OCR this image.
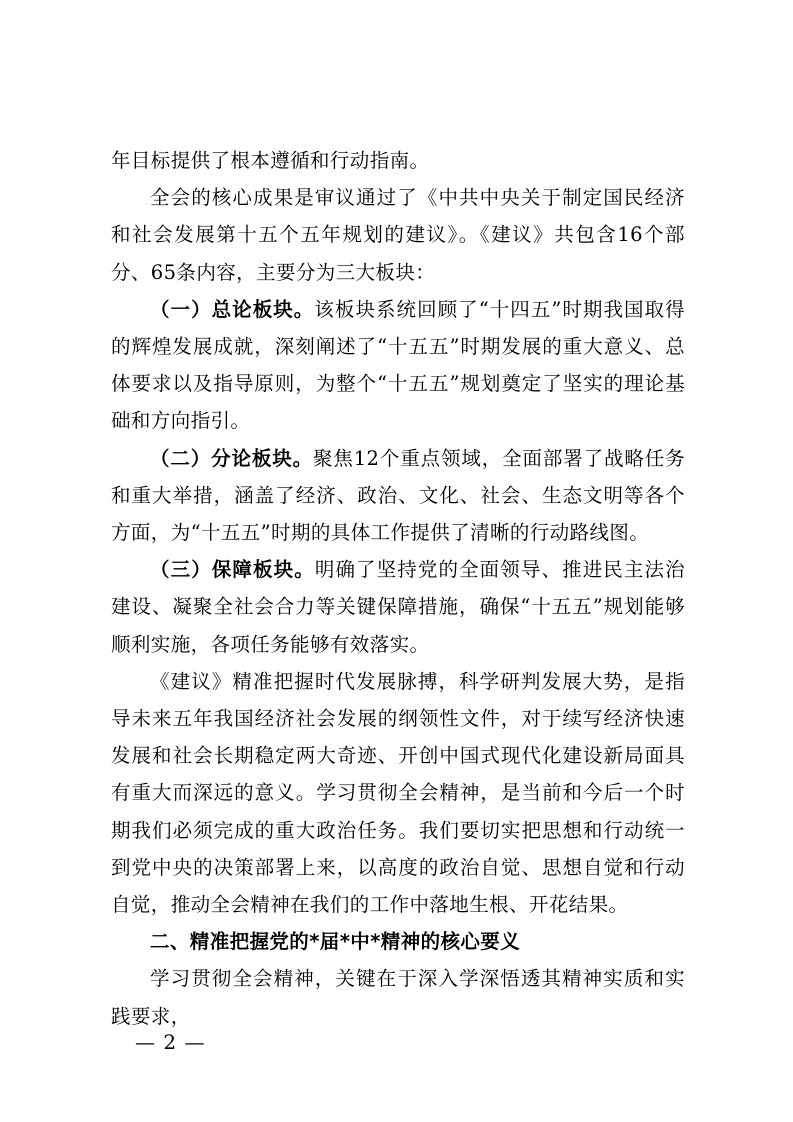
年目标提供了根本遵循和行动指南。

全会的核心成果是审议通过了《中共中央关于制定国民经济和社会发展第十五个五年规划的建议》。《建议》共包含16个部分、65条内容，主要分为三大板块：

（一）总论板块。该板块系统回顾了“十四五”时期我国取得的辉煌发展成就，深刻阐述了“十五五”时期发展的重大意义、总体要求以及指导原则，为整个“十五五”规划奠定了坚实的理论基础和方向指引。

（二）分论板块。聚焦12个重点领域，全面部署了战略任务和重大举措，涵盖了经济、政治、文化、社会、生态文明等各个方面，为“十五五”时期的具体工作提供了清晰的行动路线图。

（三）保障板块。明确了坚持党的全面领导、推进民主法治建设、凝聚全社会合力等关键保障措施，确保“十五五”规划能够顺利实施，各项任务能够有效落实。

《建议》精准把握时代发展脉搏，科学研判发展大势，是指导未来五年我国经济社会发展的纲领性文件，对于续写经济快速发展和社会长期稳定两大奇迹、开创中国式现代化建设新局面具有重大而深远的意义。学习贯彻全会精神，是当前和今后一个时期我们必须完成的重大政治任务。我们要切实把思想和行动统一到党中央的决策部署上来，以高度的政治自觉、思想自觉和行动自觉，推动全会精神在我们的工作中落地生根、开花结果。

二、精准把握党的*届*中*精神的核心要义

学习贯彻全会精神，关键在于深入学深悟透其精神实质和实践要求，

— 2 —
